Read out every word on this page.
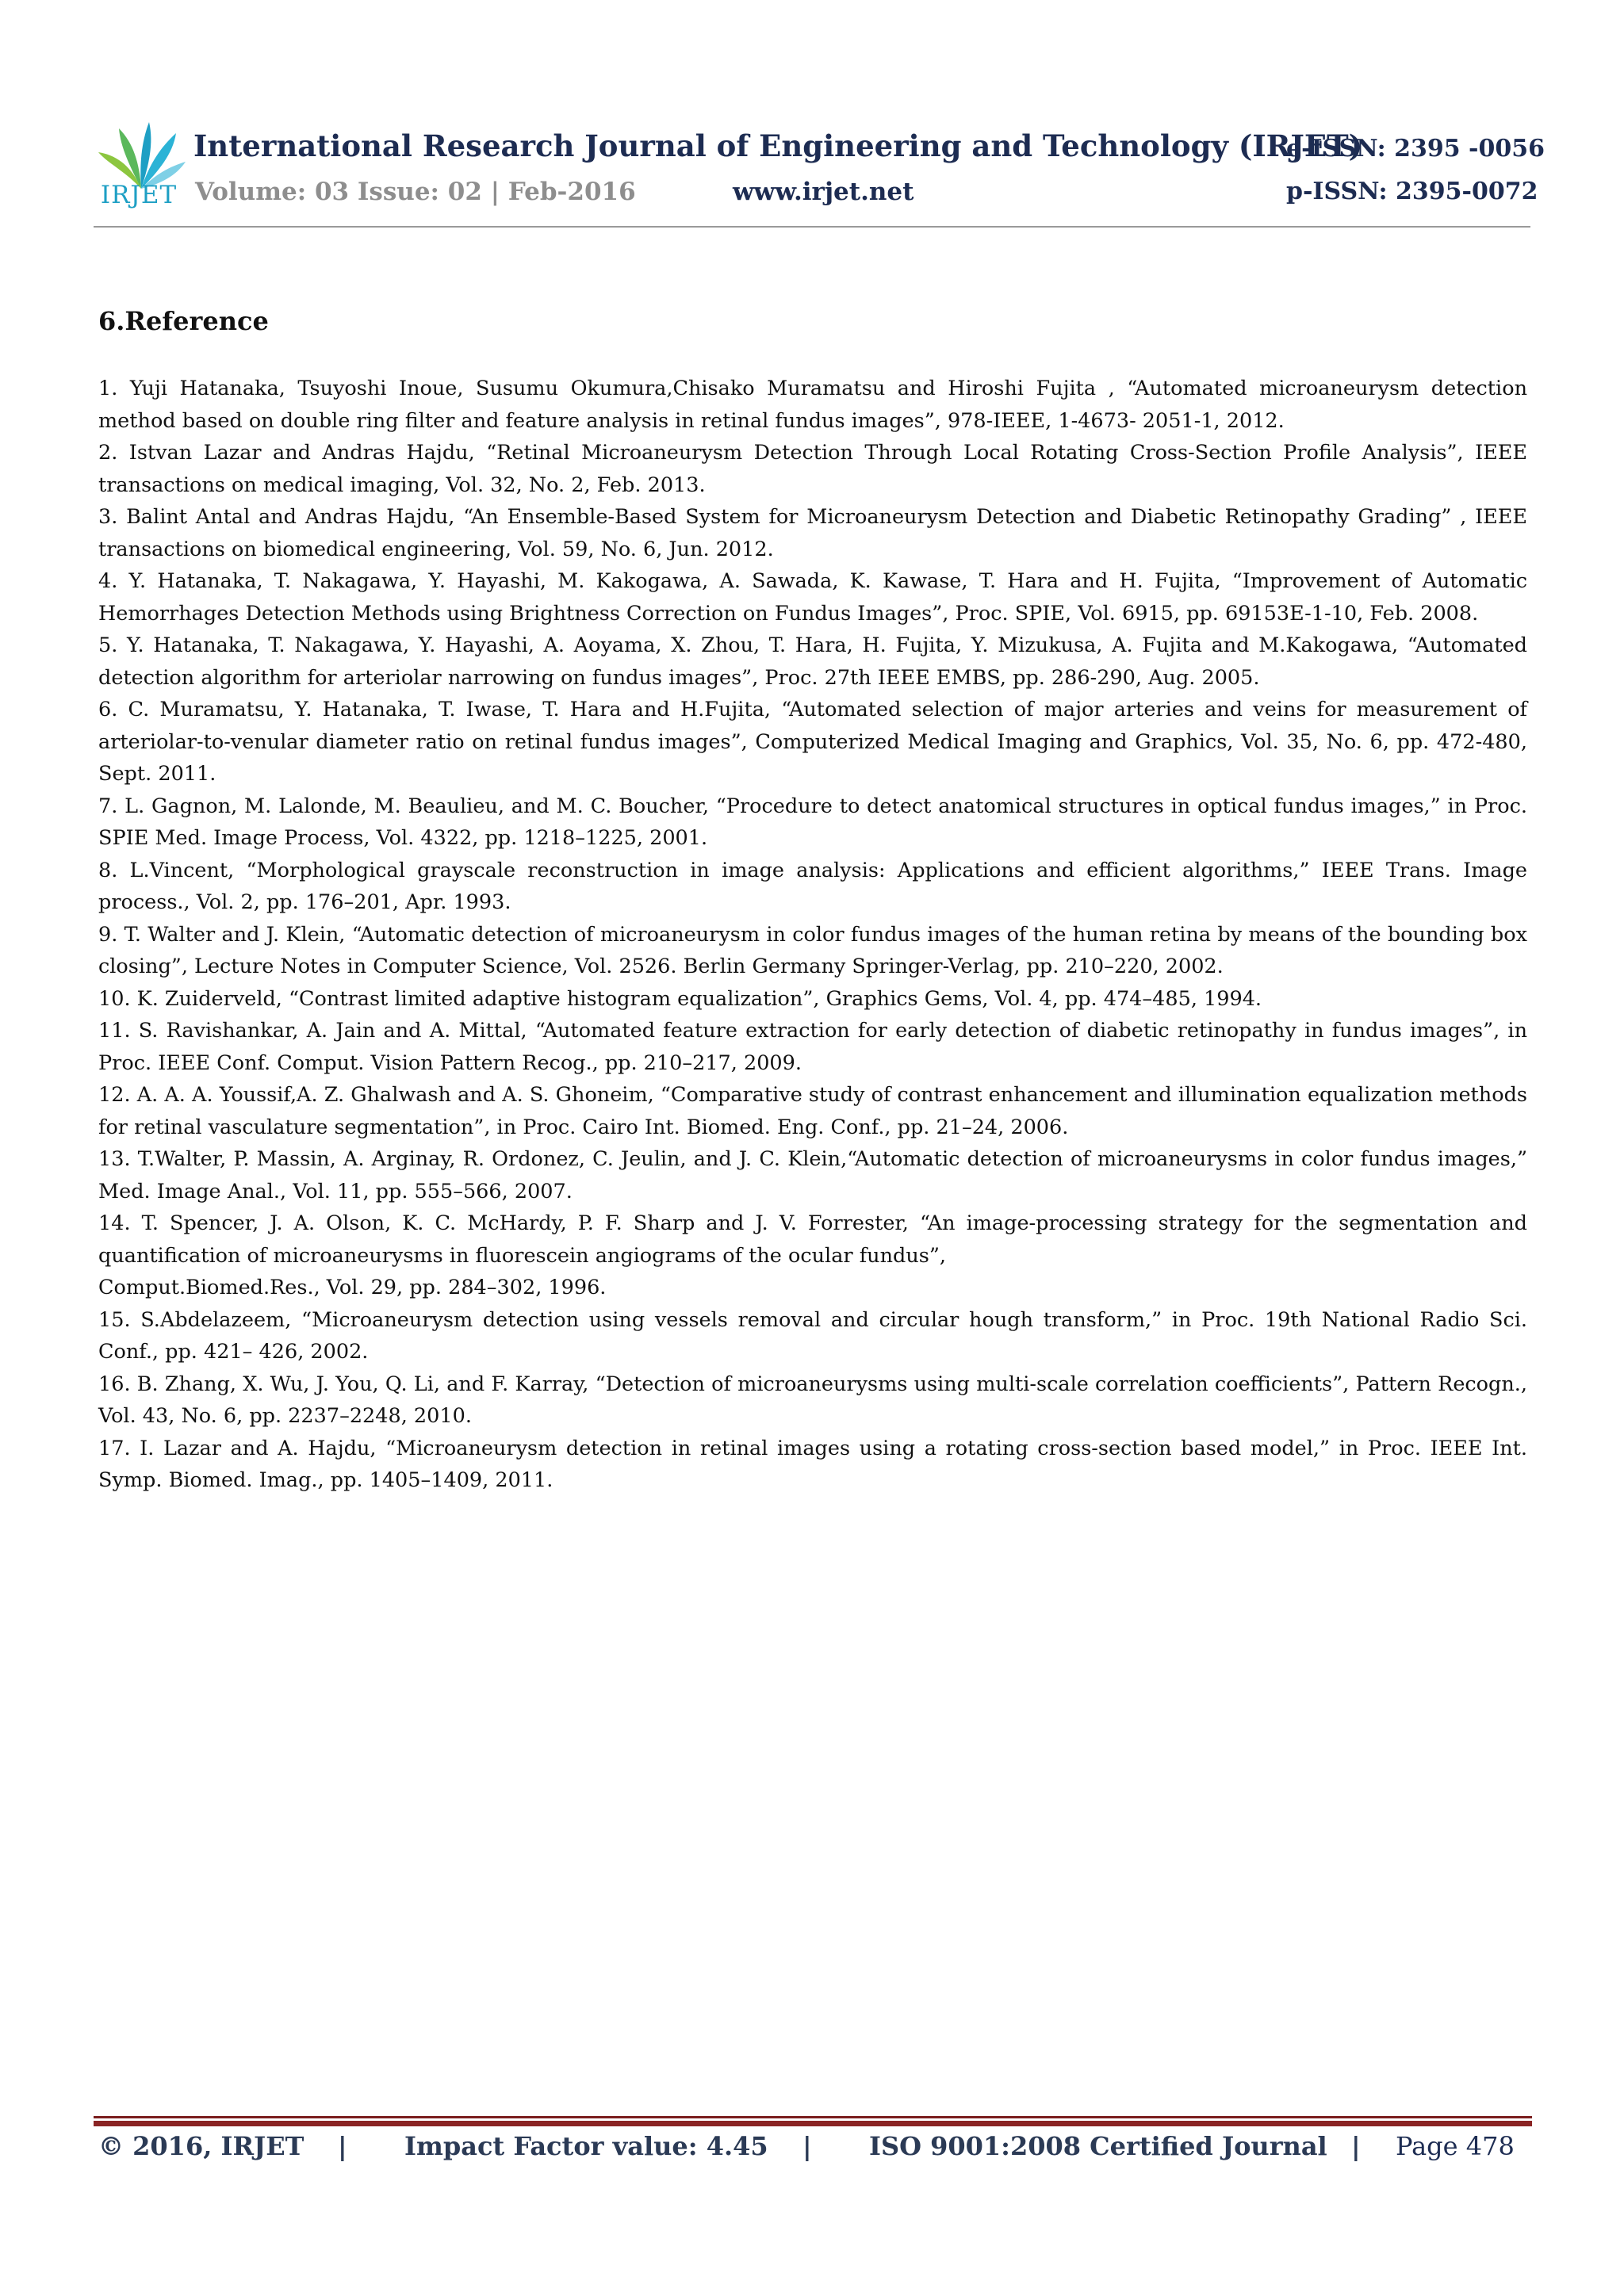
IRJET
International Research Journal of Engineering and Technology (IRJET)
e-ISSN: 2395 -0056
Volume: 03 Issue: 02 | Feb-2016	www.irjet.net	p-ISSN: 2395-0072
6.Reference
1. Yuji Hatanaka, Tsuyoshi Inoue, Susumu Okumura,Chisako Muramatsu and Hiroshi Fujita , “Automated microaneurysm detection method based on double ring filter and feature analysis in retinal fundus images”, 978-IEEE, 1-4673- 2051-1, 2012.
2. Istvan Lazar and Andras Hajdu, “Retinal Microaneurysm Detection Through Local Rotating Cross-Section Profile Analysis”, IEEE transactions on medical imaging, Vol. 32, No. 2, Feb. 2013.
3. Balint Antal and Andras Hajdu, “An Ensemble-Based System for Microaneurysm Detection and Diabetic Retinopathy Grading” , IEEE transactions on biomedical engineering, Vol. 59, No. 6, Jun. 2012.
4. Y. Hatanaka, T. Nakagawa, Y. Hayashi, M. Kakogawa, A. Sawada, K. Kawase, T. Hara and H. Fujita, “Improvement of Automatic Hemorrhages Detection Methods using Brightness Correction on Fundus Images”, Proc. SPIE, Vol. 6915, pp. 69153E-1-10, Feb. 2008.
5. Y. Hatanaka, T. Nakagawa, Y. Hayashi, A. Aoyama, X. Zhou, T. Hara, H. Fujita, Y. Mizukusa, A. Fujita and M.Kakogawa, “Automated detection algorithm for arteriolar narrowing on fundus images”, Proc. 27th IEEE EMBS, pp. 286-290, Aug. 2005.
6. C. Muramatsu, Y. Hatanaka, T. Iwase, T. Hara and H.Fujita, “Automated selection of major arteries and veins for measurement of arteriolar-to-venular diameter ratio on retinal fundus images”, Computerized Medical Imaging and Graphics, Vol. 35, No. 6, pp. 472-480, Sept. 2011.
7. L. Gagnon, M. Lalonde, M. Beaulieu, and M. C. Boucher, “Procedure to detect anatomical structures in optical fundus images,” in Proc. SPIE Med. Image Process, Vol. 4322, pp. 1218–1225, 2001.
8. L.Vincent, “Morphological grayscale reconstruction in image analysis: Applications and efficient algorithms,” IEEE Trans. Image process., Vol. 2, pp. 176–201, Apr. 1993.
9. T. Walter and J. Klein, “Automatic detection of microaneurysm in color fundus images of the human retina by means of the bounding box closing”, Lecture Notes in Computer Science, Vol. 2526. Berlin Germany Springer-Verlag, pp. 210–220, 2002.
10. K. Zuiderveld, “Contrast limited adaptive histogram equalization”, Graphics Gems, Vol. 4, pp. 474–485, 1994.
11. S. Ravishankar, A. Jain and A. Mittal, “Automated feature extraction for early detection of diabetic retinopathy in fundus images”, in Proc. IEEE Conf. Comput. Vision Pattern Recog., pp. 210–217, 2009.
12. A. A. A. Youssif,A. Z. Ghalwash and A. S. Ghoneim, “Comparative study of contrast enhancement and illumination equalization methods for retinal vasculature segmentation”, in Proc. Cairo Int. Biomed. Eng. Conf., pp. 21–24, 2006.
13. T.Walter, P. Massin, A. Arginay, R. Ordonez, C. Jeulin, and J. C. Klein,“Automatic detection of microaneurysms in color fundus images,” Med. Image Anal., Vol. 11, pp. 555–566, 2007.
14. T. Spencer, J. A. Olson, K. C. McHardy, P. F. Sharp and J. V. Forrester, “An image-processing strategy for the segmentation and quantification of microaneurysms in fluorescein angiograms of the ocular fundus”,
Comput.Biomed.Res., Vol. 29, pp. 284–302, 1996.
15. S.Abdelazeem, “Microaneurysm detection using vessels removal and circular hough transform,” in Proc. 19th National Radio Sci. Conf., pp. 421– 426, 2002.
16. B. Zhang, X. Wu, J. You, Q. Li, and F. Karray, “Detection of microaneurysms using multi-scale correlation coefficients”, Pattern Recogn., Vol. 43, No. 6, pp. 2237–2248, 2010.
17. I. Lazar and A. Hajdu, “Microaneurysm detection in retinal images using a rotating cross-section based model,” in Proc. IEEE Int. Symp. Biomed. Imag., pp. 1405–1409, 2011.
© 2016, IRJET | Impact Factor value: 4.45 | ISO 9001:2008 Certified Journal | Page 478
